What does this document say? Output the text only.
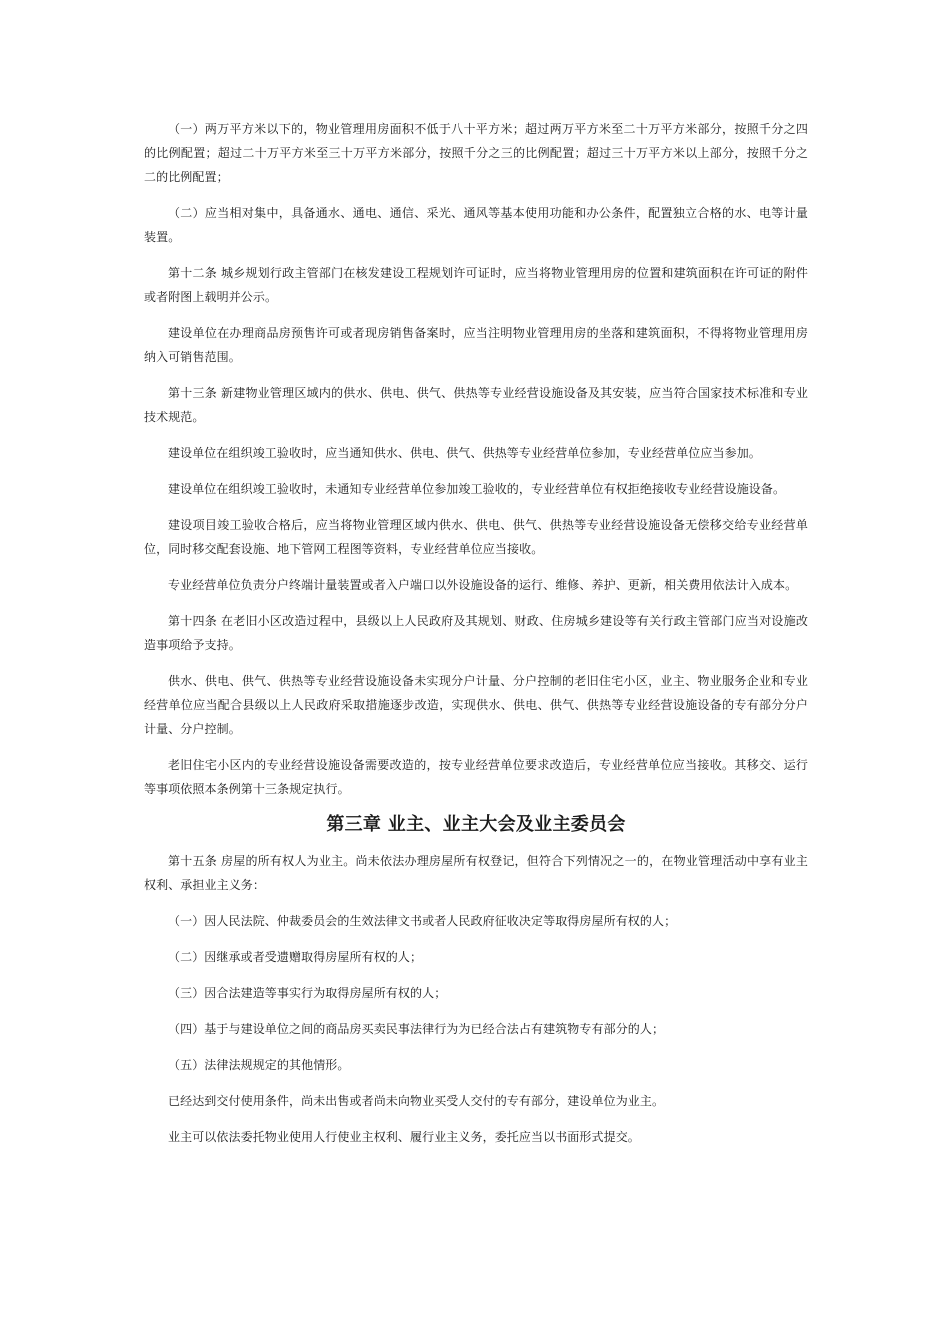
（一）两万平方米以下的，物业管理用房面积不低于八十平方米；超过两万平方米至二十万平方米部分，按照千分之四的比例配置；超过二十万平方米至三十万平方米部分，按照千分之三的比例配置；超过三十万平方米以上部分，按照千分之二的比例配置；

（二）应当相对集中，具备通水、通电、通信、采光、通风等基本使用功能和办公条件，配置独立合格的水、电等计量装置。

第十二条 城乡规划行政主管部门在核发建设工程规划许可证时，应当将物业管理用房的位置和建筑面积在许可证的附件或者附图上载明并公示。

建设单位在办理商品房预售许可或者现房销售备案时，应当注明物业管理用房的坐落和建筑面积，不得将物业管理用房纳入可销售范围。

第十三条 新建物业管理区域内的供水、供电、供气、供热等专业经营设施设备及其安装，应当符合国家技术标准和专业技术规范。

建设单位在组织竣工验收时，应当通知供水、供电、供气、供热等专业经营单位参加，专业经营单位应当参加。

建设单位在组织竣工验收时，未通知专业经营单位参加竣工验收的，专业经营单位有权拒绝接收专业经营设施设备。

建设项目竣工验收合格后，应当将物业管理区域内供水、供电、供气、供热等专业经营设施设备无偿移交给专业经营单位，同时移交配套设施、地下管网工程图等资料，专业经营单位应当接收。

专业经营单位负责分户终端计量装置或者入户端口以外设施设备的运行、维修、养护、更新，相关费用依法计入成本。

第十四条 在老旧小区改造过程中，县级以上人民政府及其规划、财政、住房城乡建设等有关行政主管部门应当对设施改造事项给予支持。

供水、供电、供气、供热等专业经营设施设备未实现分户计量、分户控制的老旧住宅小区，业主、物业服务企业和专业经营单位应当配合县级以上人民政府采取措施逐步改造，实现供水、供电、供气、供热等专业经营设施设备的专有部分分户计量、分户控制。

老旧住宅小区内的专业经营设施设备需要改造的，按专业经营单位要求改造后，专业经营单位应当接收。其移交、运行等事项依照本条例第十三条规定执行。

第三章 业主、业主大会及业主委员会

第十五条 房屋的所有权人为业主。尚未依法办理房屋所有权登记，但符合下列情况之一的，在物业管理活动中享有业主权利、承担业主义务：

（一）因人民法院、仲裁委员会的生效法律文书或者人民政府征收决定等取得房屋所有权的人；

（二）因继承或者受遗赠取得房屋所有权的人；

（三）因合法建造等事实行为取得房屋所有权的人；

（四）基于与建设单位之间的商品房买卖民事法律行为为已经合法占有建筑物专有部分的人；

（五）法律法规规定的其他情形。

已经达到交付使用条件，尚未出售或者尚未向物业买受人交付的专有部分，建设单位为业主。

业主可以依法委托物业使用人行使业主权利、履行业主义务，委托应当以书面形式提交。
